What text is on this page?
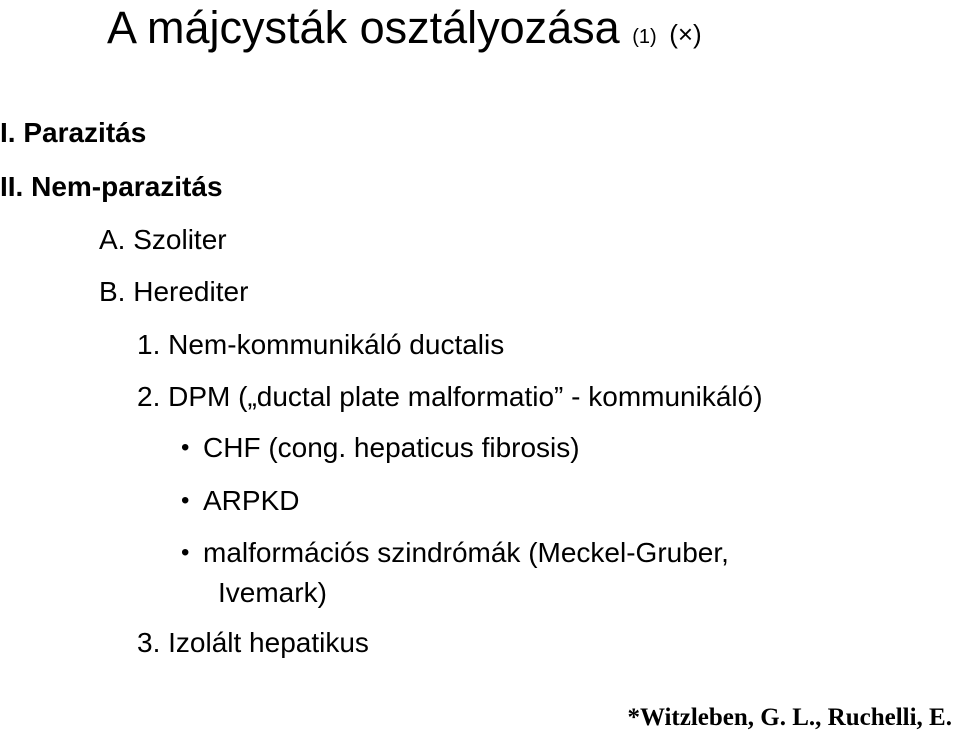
A májcysták osztályozása (1) (×)
I. Parazitás
II. Nem-parazitás
A. Szoliter
B. Herediter
1. Nem-kommunikáló ductalis
2. DPM („ductal plate malformatio” - kommunikáló)
• CHF (cong. hepaticus fibrosis)
• ARPKD
• malformációs szindrómák (Meckel-Gruber,
Ivemark)
3. Izolált hepatikus
*Witzleben, G. L., Ruchelli, E.
